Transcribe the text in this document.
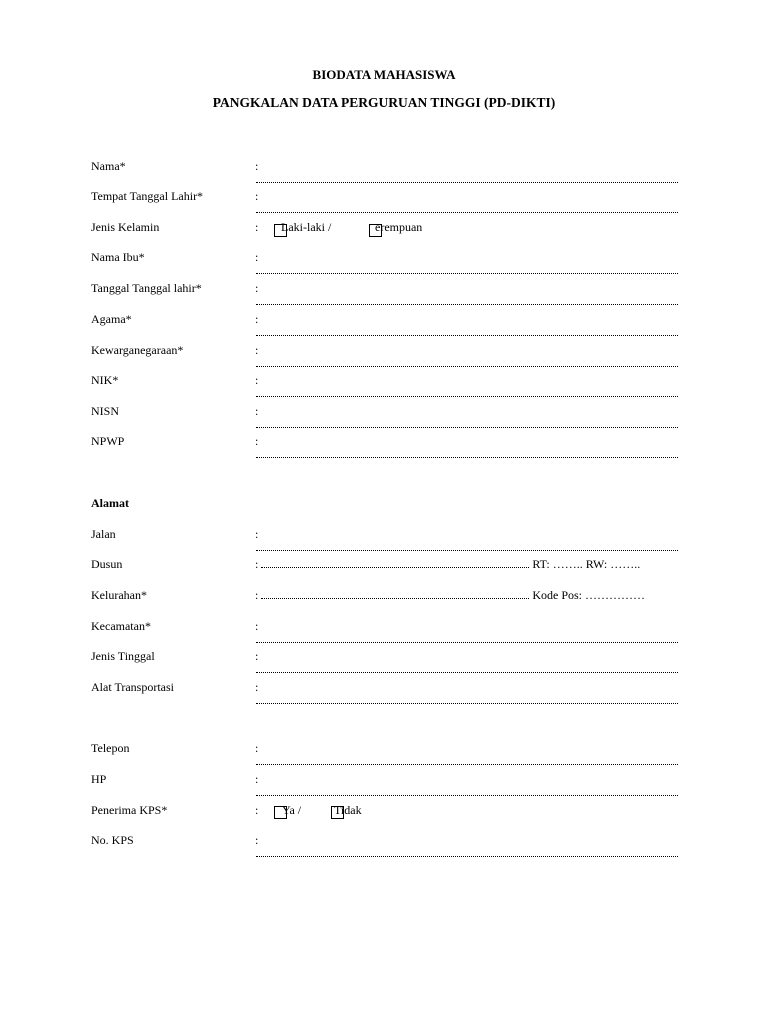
BIODATA MAHASISWA
PANGKALAN DATA PERGURUAN TINGGI (PD-DIKTI)
Nama*	:
Tempat Tanggal Lahir*	:
Jenis Kelamin	: Laki-laki /	erempuan
Nama Ibu*	:
Tanggal Tanggal lahir*	:
Agama*	:
Kewarganegaraan*	:
NIK*	:
NISN	:
NPWP	:
Alamat
Jalan	:
Dusun	:	RT: …….. RW: ……..
Kelurahan*	:	Kode Pos: ……………
Kecamatan*	:
Jenis Tinggal	:
Alat Transportasi	:
Telepon	:
HP	:
Penerima KPS*	: Ya /	Tidak
No. KPS	:
